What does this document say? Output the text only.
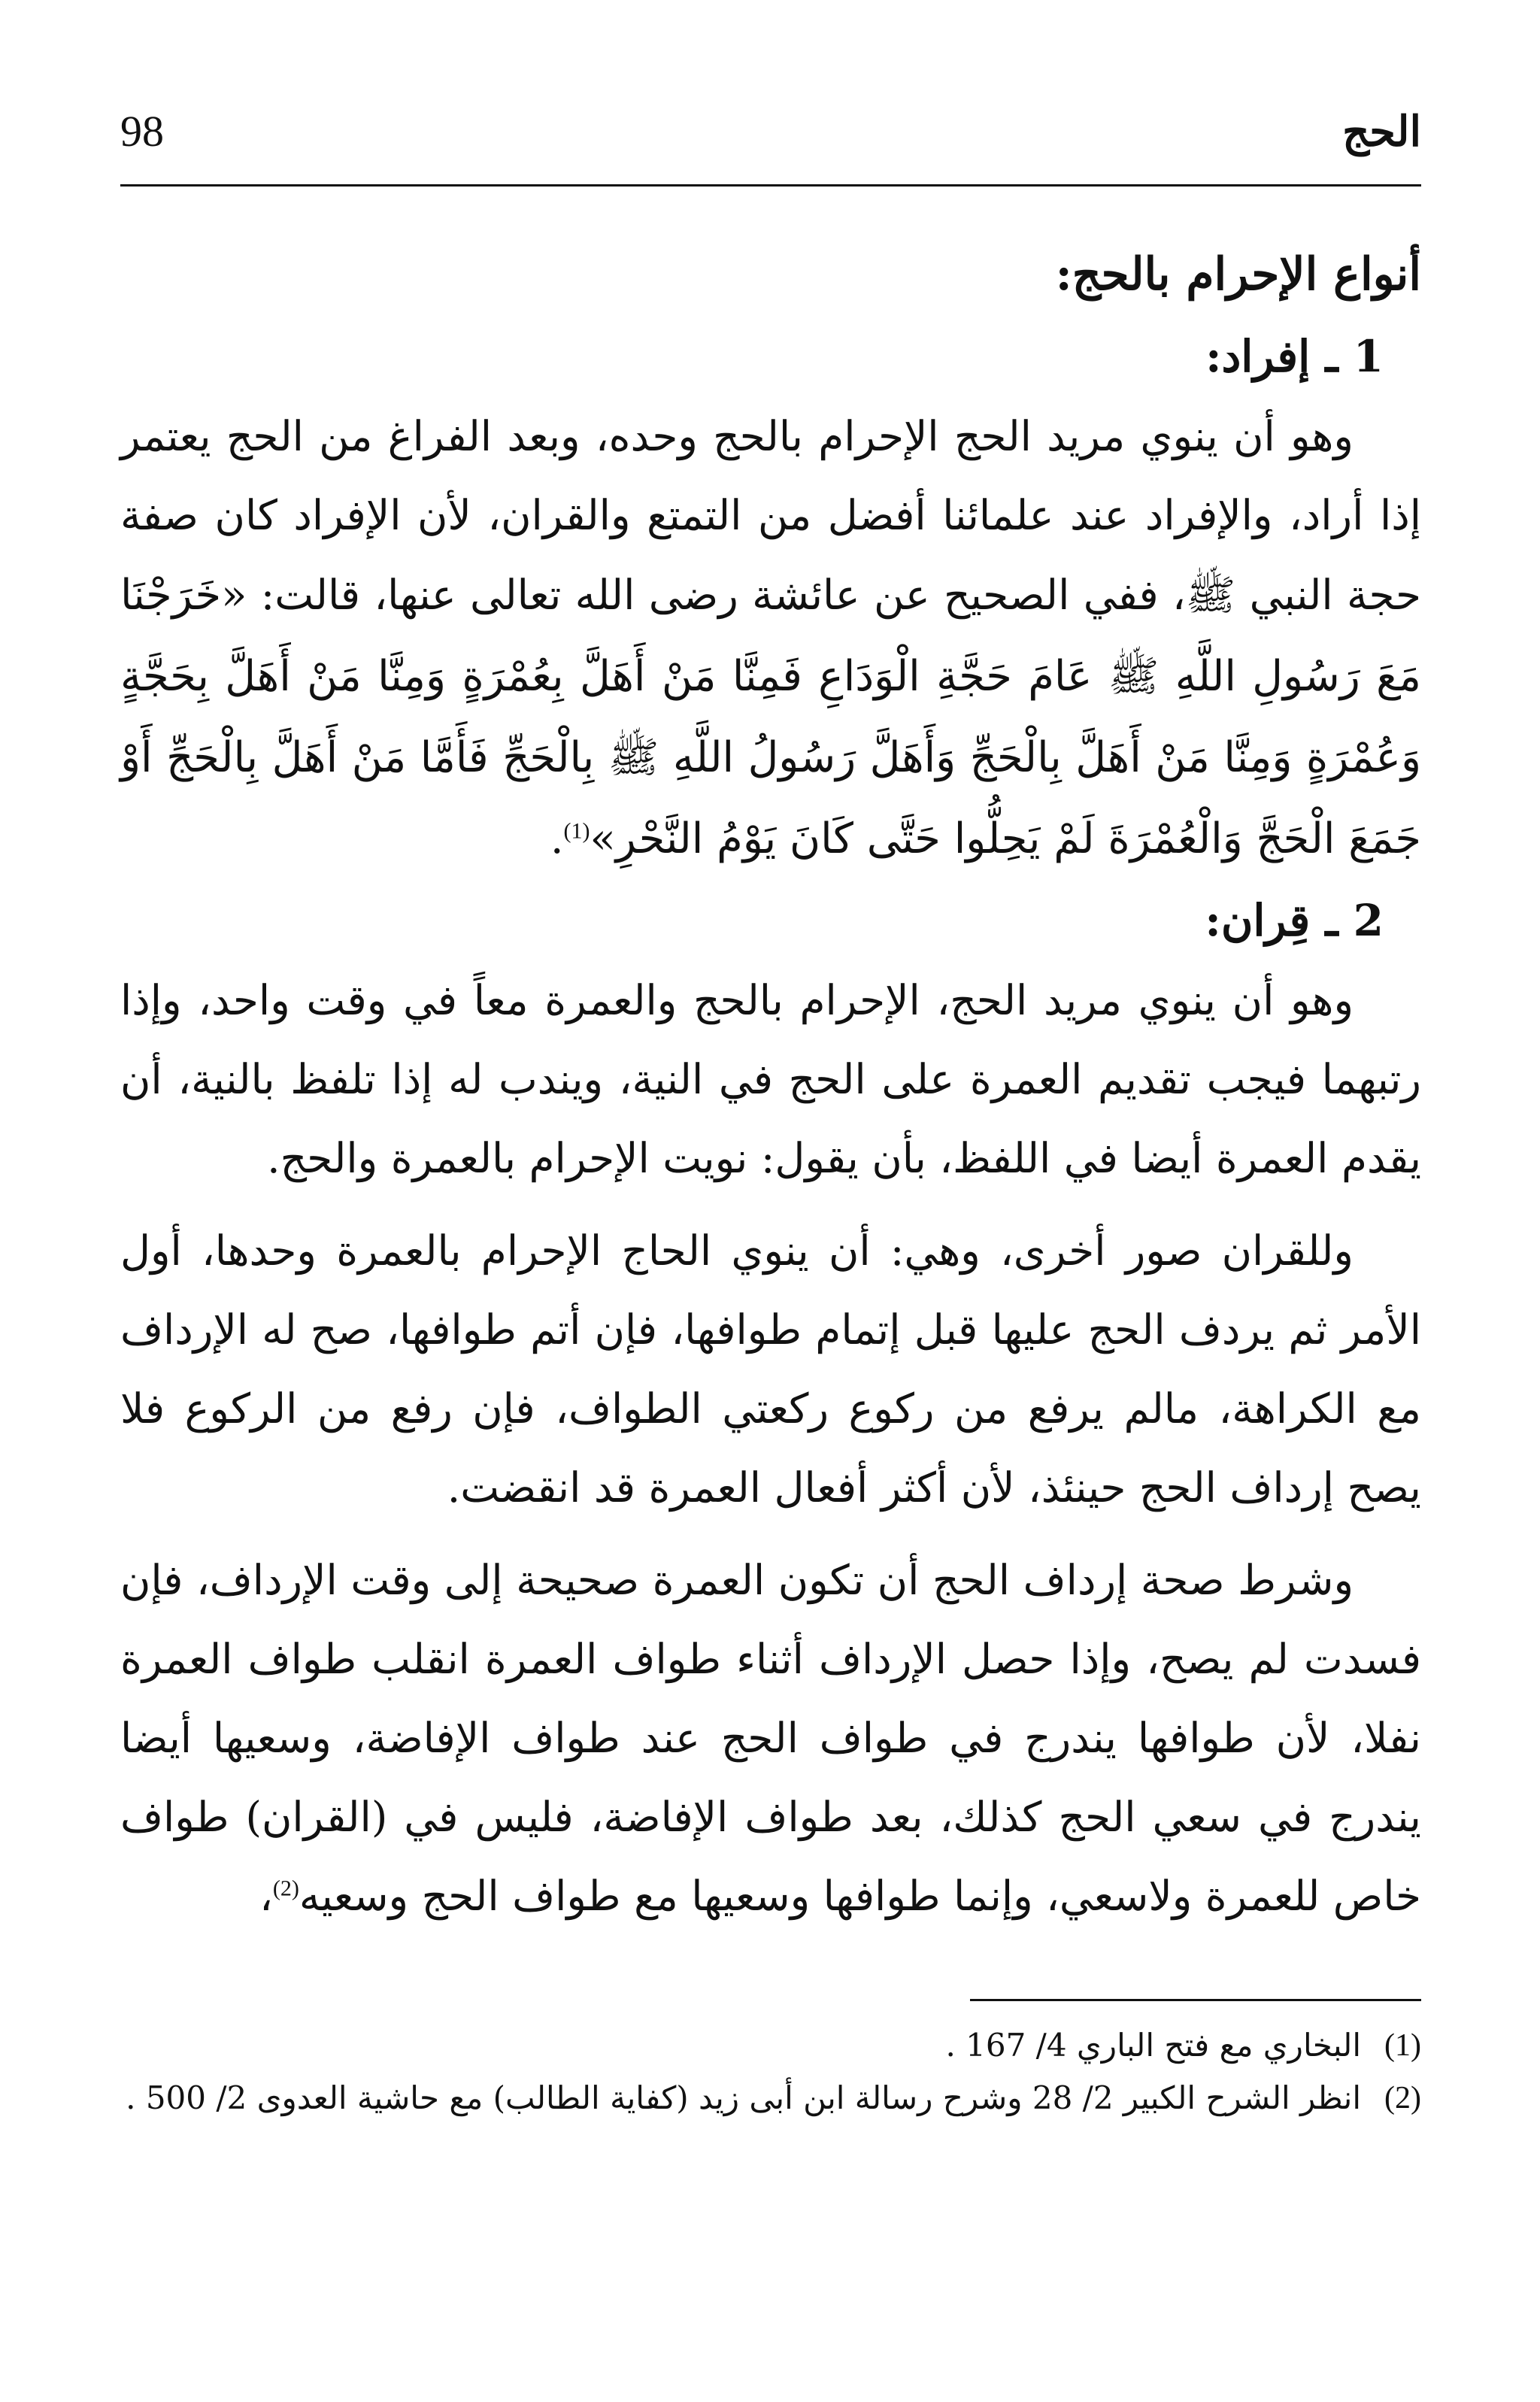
98	الحج

أنواع الإحرام بالحج:

1 ـ إفراد:

وهو أن ينوي مريد الحج الإحرام بالحج وحده، وبعد الفراغ من الحج يعتمر إذا أراد، والإفراد عند علمائنا أفضل من التمتع والقران، لأن الإفراد كان صفة حجة النبي ﷺ، ففي الصحيح عن عائشة رضى الله تعالى عنها، قالت: «خَرَجْنَا مَعَ رَسُولِ اللَّهِ ﷺ عَامَ حَجَّةِ الْوَدَاعِ فَمِنَّا مَنْ أَهَلَّ بِعُمْرَةٍ وَمِنَّا مَنْ أَهَلَّ بِحَجَّةٍ وَعُمْرَةٍ وَمِنَّا مَنْ أَهَلَّ بِالْحَجِّ وَأَهَلَّ رَسُولُ اللَّهِ ﷺ بِالْحَجِّ فَأَمَّا مَنْ أَهَلَّ بِالْحَجِّ أَوْ جَمَعَ الْحَجَّ وَالْعُمْرَةَ لَمْ يَحِلُّوا حَتَّى كَانَ يَوْمُ النَّحْرِ»$^{(1)}$.

2 ـ قِران:

وهو أن ينوي مريد الحج، الإحرام بالحج والعمرة معاً في وقت واحد، وإذا رتبهما فيجب تقديم العمرة على الحج في النية، ويندب له إذا تلفظ بالنية، أن يقدم العمرة أيضا في اللفظ، بأن يقول: نويت الإحرام بالعمرة والحج.

وللقران صور أخرى، وهي: أن ينوي الحاج الإحرام بالعمرة وحدها، أول الأمر ثم يردف الحج عليها قبل إتمام طوافها، فإن أتم طوافها، صح له الإرداف مع الكراهة، مالم يرفع من ركوع ركعتي الطواف، فإن رفع من الركوع فلا يصح إرداف الحج حينئذ، لأن أكثر أفعال العمرة قد انقضت.

وشرط صحة إرداف الحج أن تكون العمرة صحيحة إلى وقت الإرداف، فإن فسدت لم يصح، وإذا حصل الإرداف أثناء طواف العمرة انقلب طواف العمرة نفلا، لأن طوافها يندرج في طواف الحج عند طواف الإفاضة، وسعيها أيضا يندرج في سعي الحج كذلك، بعد طواف الإفاضة، فليس في (القران) طواف خاص للعمرة ولاسعي، وإنما طوافها وسعيها مع طواف الحج وسعيه$^{(2)}$،

(1)
البخاري مع فتح الباري 4/ 167 .

(2)
انظر الشرح الكبير 2/ 28 وشرح رسالة ابن أبى زيد (كفاية الطالب) مع حاشية العدوى 2/ 500 .
